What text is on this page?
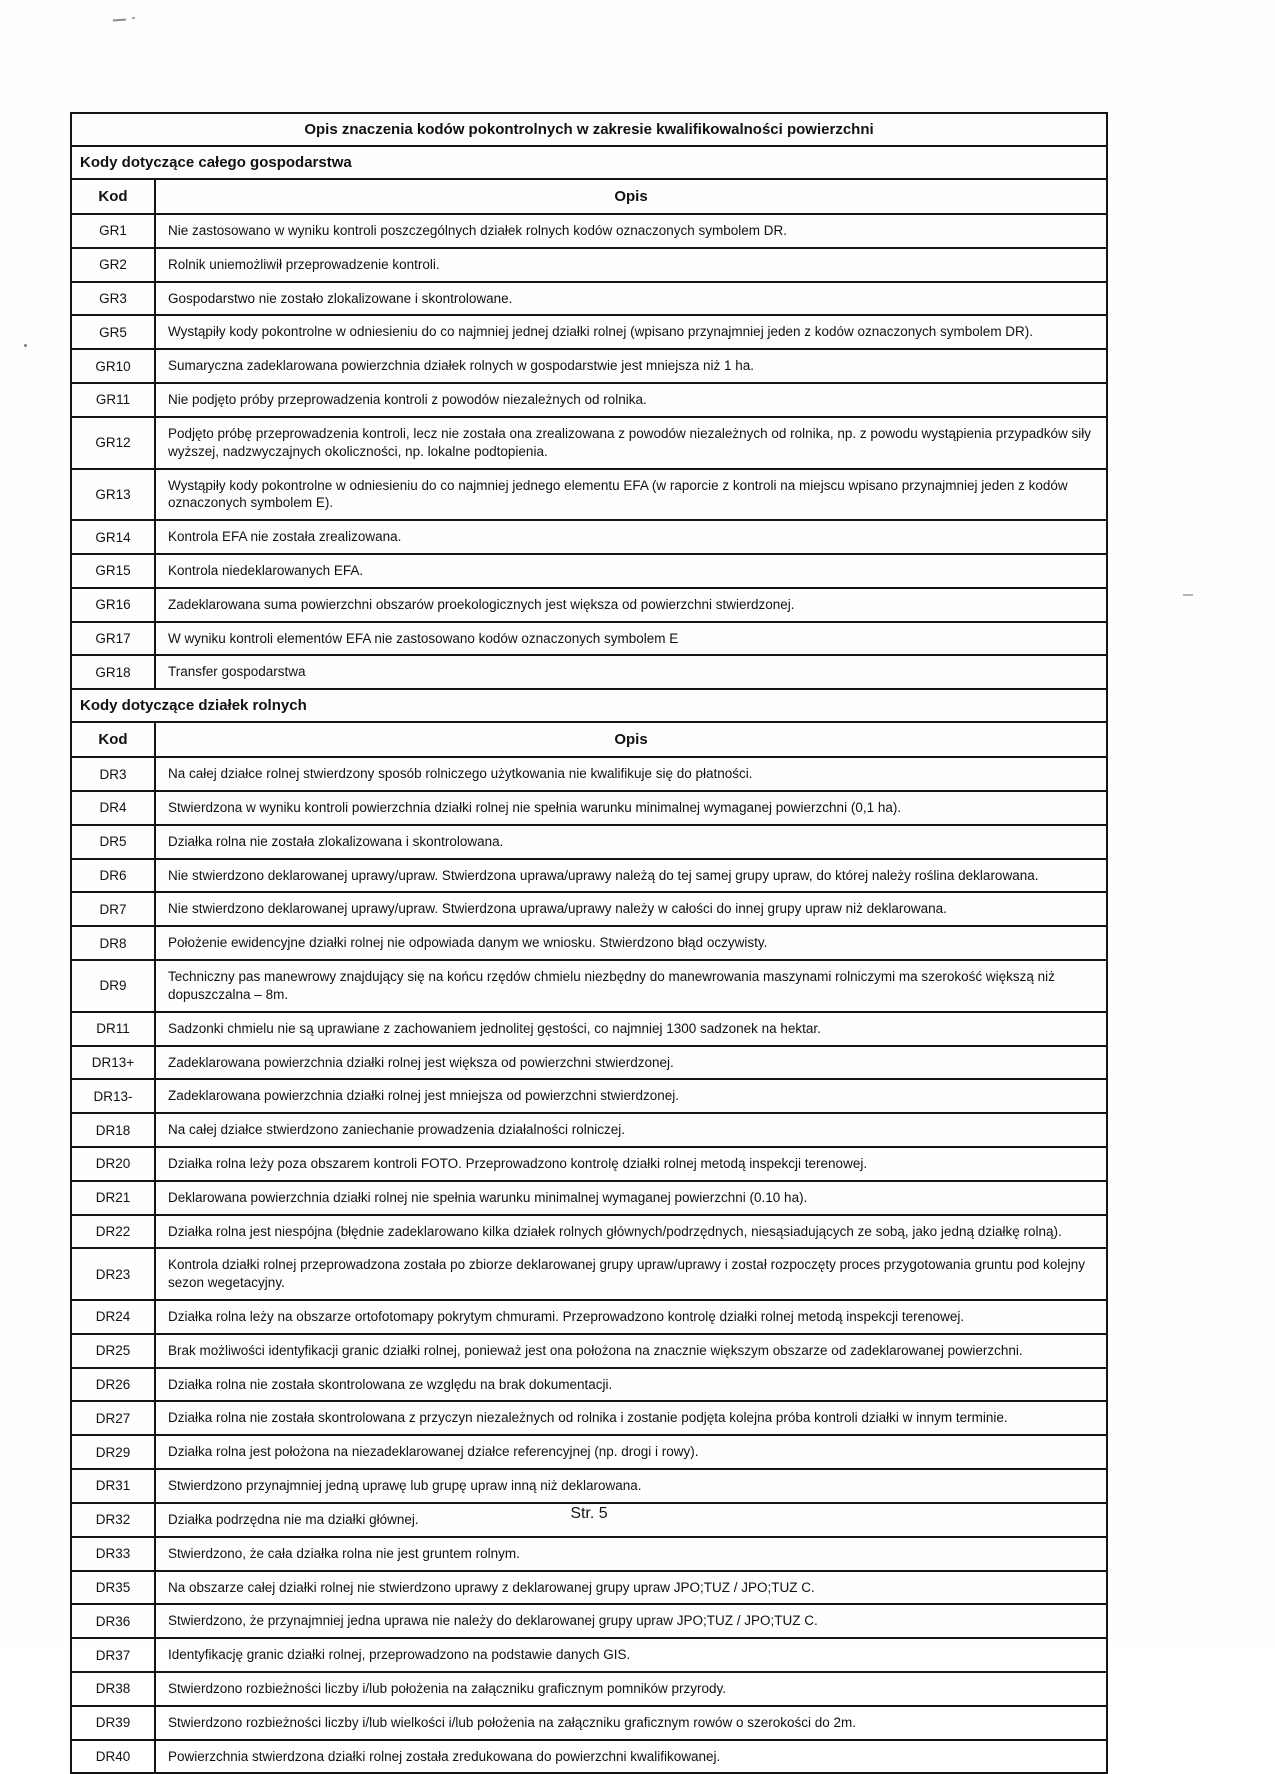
Opis znaczenia kodów pokontrolnych w zakresie kwalifikowalności powierzchni	
Kody dotyczące całego gospodarstwa	
Kod	Opis
GR1	Nie zastosowano w wyniku kontroli poszczególnych działek rolnych kodów oznaczonych symbolem DR.
GR2	Rolnik uniemożliwił przeprowadzenie kontroli.
GR3	Gospodarstwo nie zostało zlokalizowane i skontrolowane.
GR5	Wystąpiły kody pokontrolne w odniesieniu do co najmniej jednej działki rolnej (wpisano przynajmniej jeden z kodów oznaczonych symbolem DR).
GR10	Sumaryczna zadeklarowana powierzchnia działek rolnych w gospodarstwie jest mniejsza niż 1 ha.
GR11	Nie podjęto próby przeprowadzenia kontroli z powodów niezależnych od rolnika.
GR12	Podjęto próbę przeprowadzenia kontroli, lecz nie została ona zrealizowana z powodów niezależnych od rolnika, np. z powodu wystąpienia przypadków siły wyższej, nadzwyczajnych okoliczności, np. lokalne podtopienia.
GR13	Wystąpiły kody pokontrolne w odniesieniu do co najmniej jednego elementu EFA (w raporcie z kontroli na miejscu wpisano przynajmniej jeden z kodów oznaczonych symbolem E).
GR14	Kontrola EFA nie została zrealizowana.
GR15	Kontrola niedeklarowanych EFA.
GR16	Zadeklarowana suma powierzchni obszarów proekologicznych jest większa od powierzchni stwierdzonej.
GR17	W wyniku kontroli elementów EFA nie zastosowano kodów oznaczonych symbolem E
GR18	Transfer gospodarstwa
Kody dotyczące działek rolnych	
Kod	Opis
DR3	Na całej działce rolnej stwierdzony sposób rolniczego użytkowania nie kwalifikuje się do płatności.
DR4	Stwierdzona w wyniku kontroli powierzchnia działki rolnej nie spełnia warunku minimalnej wymaganej powierzchni (0,1 ha).
DR5	Działka rolna nie została zlokalizowana i skontrolowana.
DR6	Nie stwierdzono deklarowanej uprawy/upraw. Stwierdzona uprawa/uprawy należą do tej samej grupy upraw, do której należy roślina deklarowana.
DR7	Nie stwierdzono deklarowanej uprawy/upraw. Stwierdzona uprawa/uprawy należy w całości do innej grupy upraw niż deklarowana.
DR8	Położenie ewidencyjne działki rolnej nie odpowiada danym we wniosku. Stwierdzono błąd oczywisty.
DR9	Techniczny pas manewrowy znajdujący się na końcu rzędów chmielu niezbędny do manewrowania maszynami rolniczymi ma szerokość większą niż dopuszczalna – 8m.
DR11	Sadzonki chmielu nie są uprawiane z zachowaniem jednolitej gęstości, co najmniej 1300 sadzonek na hektar.
DR13+	Zadeklarowana powierzchnia działki rolnej jest większa od powierzchni stwierdzonej.
DR13-	Zadeklarowana powierzchnia działki rolnej jest mniejsza od powierzchni stwierdzonej.
DR18	Na całej działce stwierdzono zaniechanie prowadzenia działalności rolniczej.
DR20	Działka rolna leży poza obszarem kontroli FOTO. Przeprowadzono kontrolę działki rolnej metodą inspekcji terenowej.
DR21	Deklarowana powierzchnia działki rolnej nie spełnia warunku minimalnej wymaganej powierzchni (0.10 ha).
DR22	Działka rolna jest niespójna (błędnie zadeklarowano kilka działek rolnych głównych/podrzędnych, niesąsiadujących ze sobą, jako jedną działkę rolną).
DR23	Kontrola działki rolnej przeprowadzona została po zbiorze deklarowanej grupy upraw/uprawy i został rozpoczęty proces przygotowania gruntu pod kolejny sezon wegetacyjny.
DR24	Działka rolna leży na obszarze ortofotomapy pokrytym chmurami. Przeprowadzono kontrolę działki rolnej metodą inspekcji terenowej.
DR25	Brak możliwości identyfikacji granic działki rolnej, ponieważ jest ona położona na znacznie większym obszarze od zadeklarowanej powierzchni.
DR26	Działka rolna nie została skontrolowana ze względu na brak dokumentacji.
DR27	Działka rolna nie została skontrolowana z przyczyn niezależnych od rolnika i zostanie podjęta kolejna próba kontroli działki w innym terminie.
DR29	Działka rolna jest położona na niezadeklarowanej działce referencyjnej (np. drogi i rowy).
DR31	Stwierdzono przynajmniej jedną uprawę lub grupę upraw inną niż deklarowana.
DR32	Działka podrzędna nie ma działki głównej.
DR33	Stwierdzono, że cała działka rolna nie jest gruntem rolnym.
DR35	Na obszarze całej działki rolnej nie stwierdzono uprawy z deklarowanej grupy upraw JPO;TUZ / JPO;TUZ C.
DR36	Stwierdzono, że przynajmniej jedna uprawa nie należy do deklarowanej grupy upraw JPO;TUZ / JPO;TUZ C.
DR37	Identyfikację granic działki rolnej, przeprowadzono na podstawie danych GIS.
DR38	Stwierdzono rozbieżności liczby i/lub położenia na załączniku graficznym pomników przyrody.
DR39	Stwierdzono rozbieżności liczby i/lub wielkości i/lub położenia na załączniku graficznym rowów o szerokości do 2m.
DR40	Powierzchnia stwierdzona działki rolnej została zredukowana do powierzchni kwalifikowanej.
Str. 5
